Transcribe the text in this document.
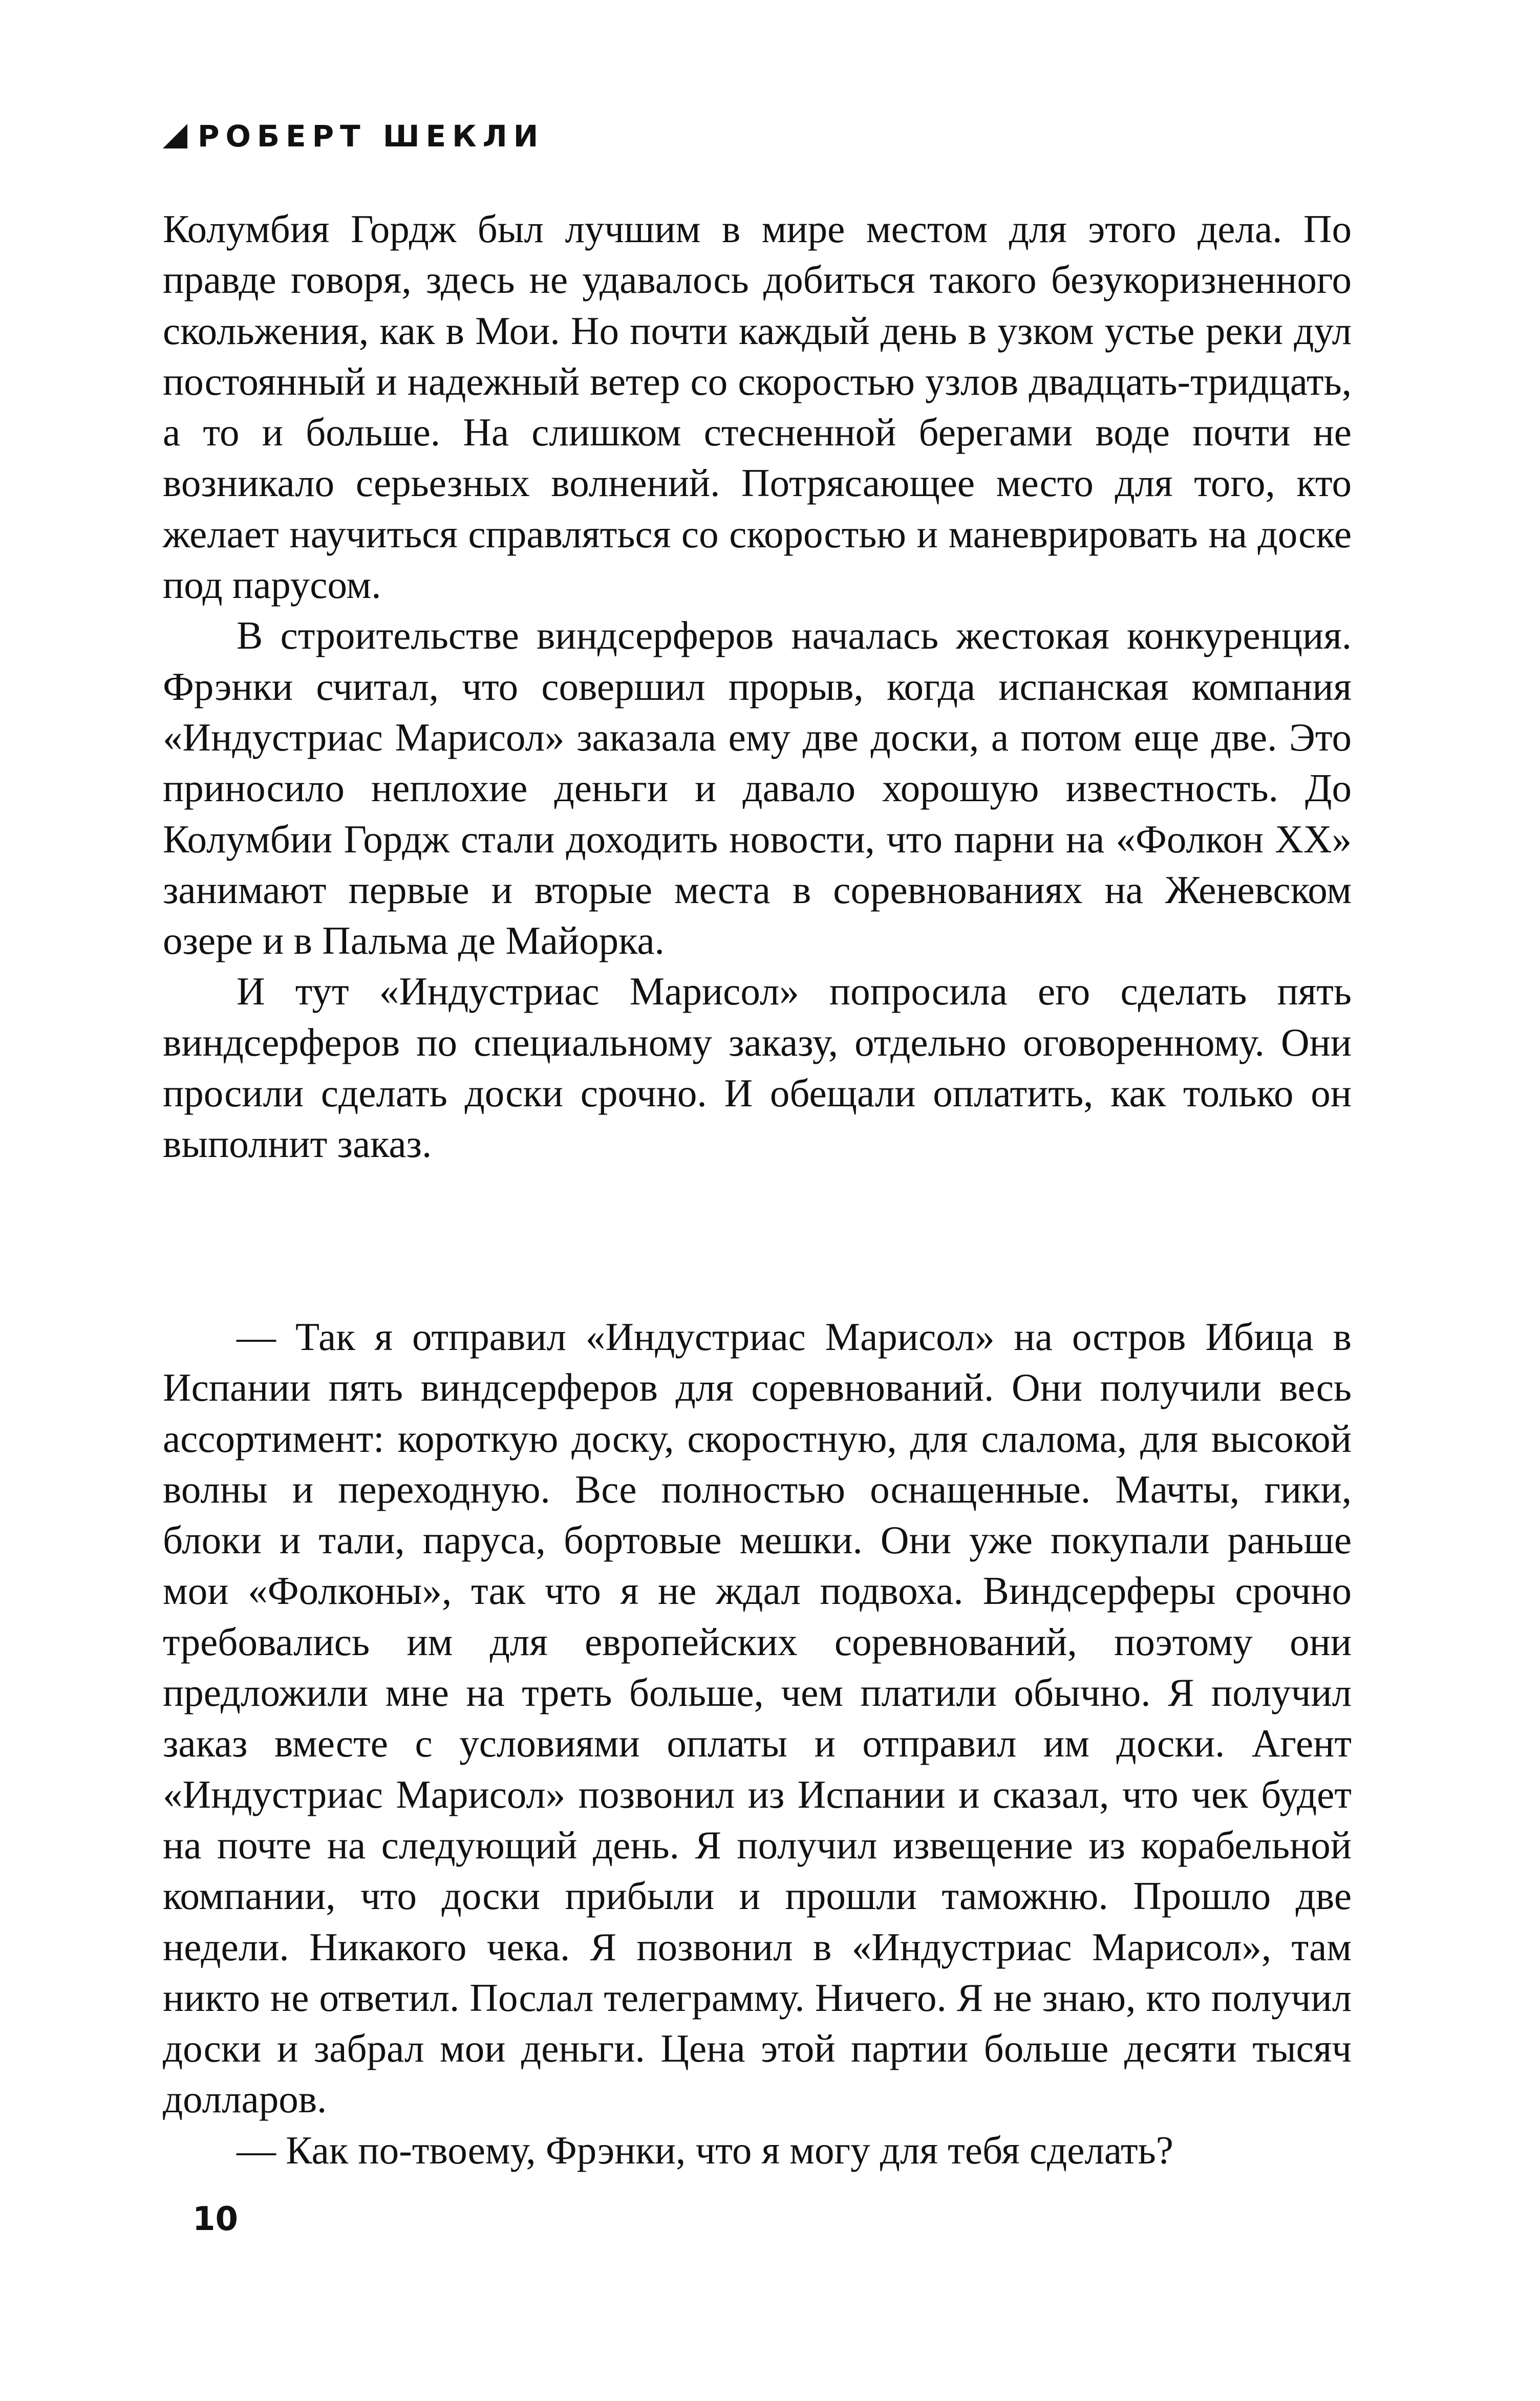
РОБЕРТ ШЕКЛИ

Колумбия Гордж был лучшим в мире местом для этого дела. По правде говоря, здесь не удавалось добиться такого безукоризненного скольжения, как в Мои. Но почти каждый день в узком устье реки дул постоянный и надежный ветер со скоростью узлов двадцать-тридцать, а то и больше. На слишком стесненной берегами воде почти не возникало серьезных волнений. Потрясающее место для того, кто желает научиться справляться со скоростью и маневрировать на доске под парусом.

В строительстве виндсерферов началась жестокая конкуренция. Фрэнки считал, что совершил прорыв, когда испанская компания «Индустриас Марисол» заказала ему две доски, а потом еще две. Это приносило неплохие деньги и давало хорошую известность. До Колумбии Гордж стали доходить новости, что парни на «Фолкон XX» занимают первые и вторые места в соревнованиях на Женевском озере и в Пальма де Майорка.

И тут «Индустриас Марисол» попросила его сделать пять виндсерферов по специальному заказу, отдельно оговоренному. Они просили сделать доски срочно. И обещали оплатить, как только он выполнит заказ.

— Так я отправил «Индустриас Марисол» на остров Ибица в Испании пять виндсерферов для соревнований. Они получили весь ассортимент: короткую доску, скоростную, для слалома, для высокой волны и переходную. Все полностью оснащенные. Мачты, гики, блоки и тали, паруса, бортовые мешки. Они уже покупали раньше мои «Фолконы», так что я не ждал подвоха. Виндсерферы срочно требовались им для европейских соревнований, поэтому они предложили мне на треть больше, чем платили обычно. Я получил заказ вместе с условиями оплаты и отправил им доски. Агент «Индустриас Марисол» позвонил из Испании и сказал, что чек будет на почте на следующий день. Я получил извещение из корабельной компании, что доски прибыли и прошли таможню. Прошло две недели. Никакого чека. Я позвонил в «Индустриас Марисол», там никто не ответил. Послал телеграмму. Ничего. Я не знаю, кто получил доски и забрал мои деньги. Цена этой партии больше десяти тысяч долларов.

— Как по-твоему, Фрэнки, что я могу для тебя сделать?

10
